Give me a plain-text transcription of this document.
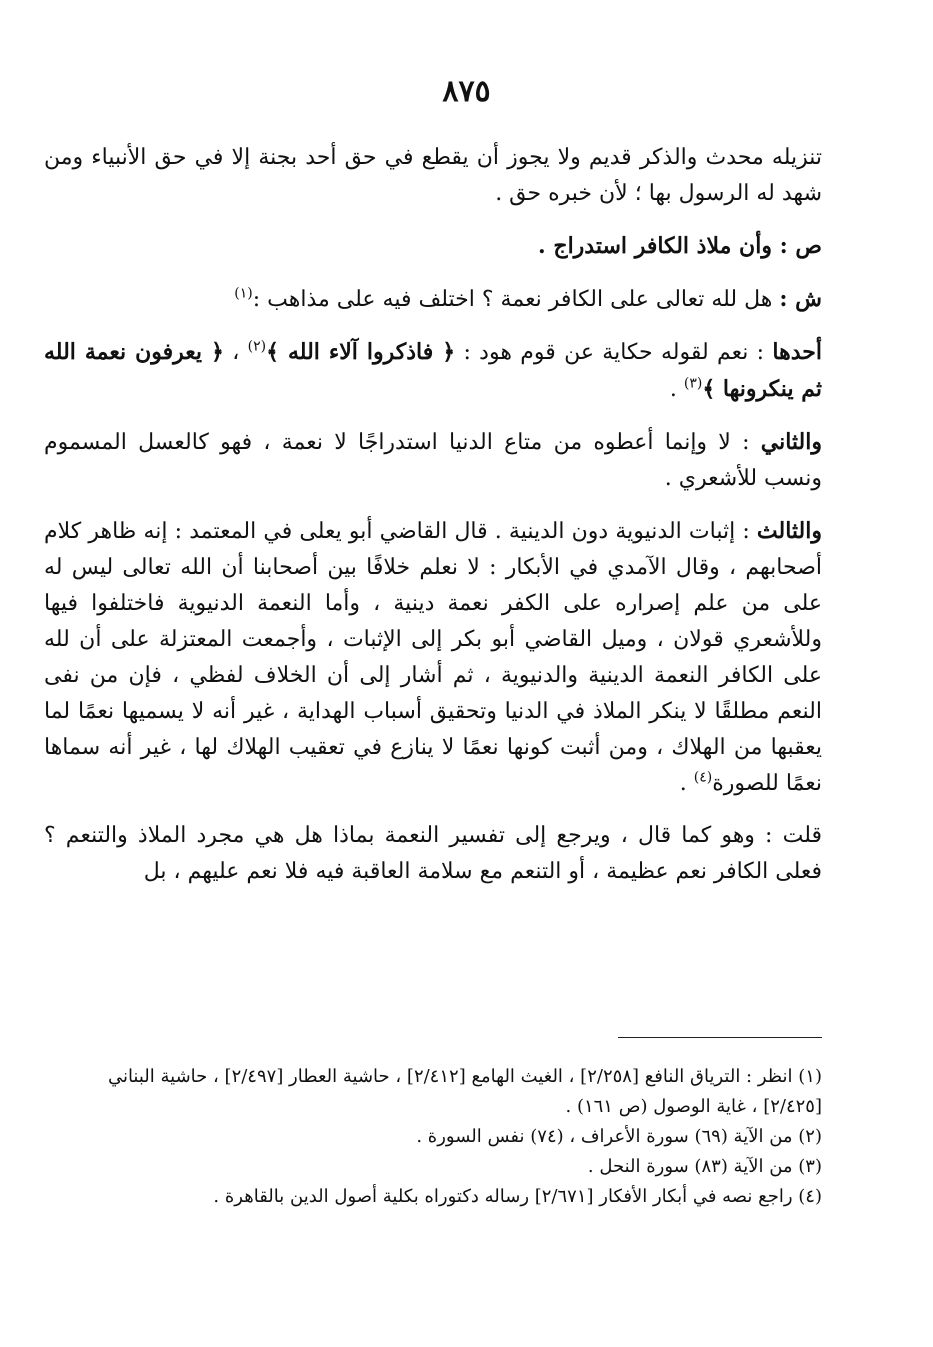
٨٧٥

تنزيله محدث والذكر قديم ولا يجوز أن يقطع في حق أحد بجنة إلا في حق الأنبياء ومن شهد له الرسول بها ؛ لأن خبره حق .

ص : وأن ملاذ الكافر استدراج .

ش : هل لله تعالى على الكافر نعمة ؟ اختلف فيه على مذاهب :$^{(١)}$

أحدها : نعم لقوله حكاية عن قوم هود : ﴿ فاذكروا آلاء الله ﴾$^{(٢)}$ ، ﴿ يعرفون نعمة الله ثم ينكرونها ﴾$^{(٣)}$ .

والثاني : لا وإنما أعطوه من متاع الدنيا استدراجًا لا نعمة ، فهو كالعسل المسموم ونسب للأشعري .

والثالث : إثبات الدنيوية دون الدينية . قال القاضي أبو يعلى في المعتمد : إنه ظاهر كلام أصحابهم ، وقال الآمدي في الأبكار : لا نعلم خلافًا بين أصحابنا أن الله تعالى ليس له على من علم إصراره على الكفر نعمة دينية ، وأما النعمة الدنيوية فاختلفوا فيها وللأشعري قولان ، وميل القاضي أبو بكر إلى الإثبات ، وأجمعت المعتزلة على أن لله على الكافر النعمة الدينية والدنيوية ، ثم أشار إلى أن الخلاف لفظي ، فإن من نفى النعم مطلقًا لا ينكر الملاذ في الدنيا وتحقيق أسباب الهداية ، غير أنه لا يسميها نعمًا لما يعقبها من الهلاك ، ومن أثبت كونها نعمًا لا ينازع في تعقيب الهلاك لها ، غير أنه سماها نعمًا للصورة$^{(٤)}$ .

قلت : وهو كما قال ، ويرجع إلى تفسير النعمة بماذا هل هي مجرد الملاذ والتنعم ؟ فعلى الكافر نعم عظيمة ، أو التنعم مع سلامة العاقبة فيه فلا نعم عليهم ، بل

(١) انظر : الترياق النافع [٢/٢٥٨] ، الغيث الهامع [٢/٤١٢] ، حاشية العطار [٢/٤٩٧] ، حاشية البناني [٢/٤٢٥] ، غاية الوصول (ص ١٦١) .

(٢) من الآية (٦٩) سورة الأعراف ، (٧٤) نفس السورة .

(٣) من الآية (٨٣) سورة النحل .

(٤) راجع نصه في أبكار الأفكار [٢/٦٧١] رساله دكتوراه بكلية أصول الدين بالقاهرة .
